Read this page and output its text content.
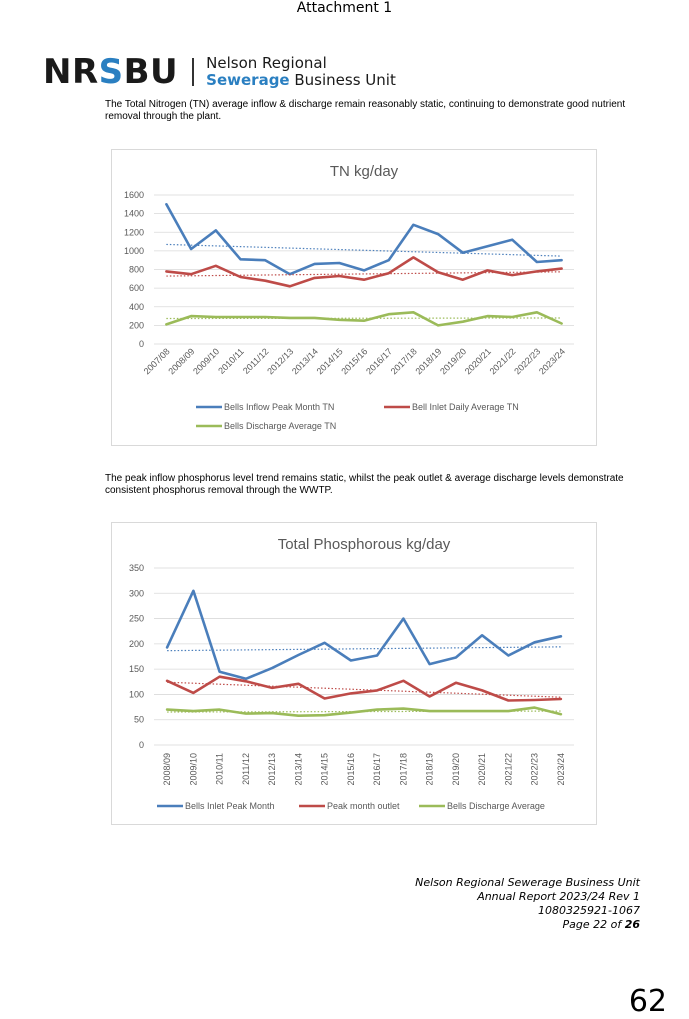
Attachment 1
NRSBU Nelson Regional
Sewerage Business Unit
The Total Nitrogen (TN) average inflow & discharge remain reasonably static, continuing to demonstrate good nutrient removal through the plant.
TN kg/day
0
200
400
600
800
1000
1200
1400
1600
2007/08
2008/09
2009/10
2010/11
2011/12
2012/13
2013/14
2014/15
2015/16
2016/17
2017/18
2018/19
2019/20
2020/21
2021/22
2022/23
2023/24
Bells Inflow Peak Month TN	Bell Inlet Daily Average TN
Bells Discharge Average TN
The peak inflow phosphorus level trend remains static, whilst the peak outlet & average discharge levels demonstrate consistent phosphorus removal through the WWTP.
Total Phosphorous kg/day
0
50
100
150
200
250
300
350
2008/09 2009/10 2010/11 2011/12 2012/13 2013/14 2014/15 2015/16 2016/17 2017/18 2018/19 2019/20 2020/21 2021/22 2022/23 2023/24
Bells Inlet Peak Month	Peak month outlet	Bells Discharge Average
Nelson Regional Sewerage Business Unit
Annual Report 2023/24 Rev 1
1080325921-1067
Page 22 of 26
62
